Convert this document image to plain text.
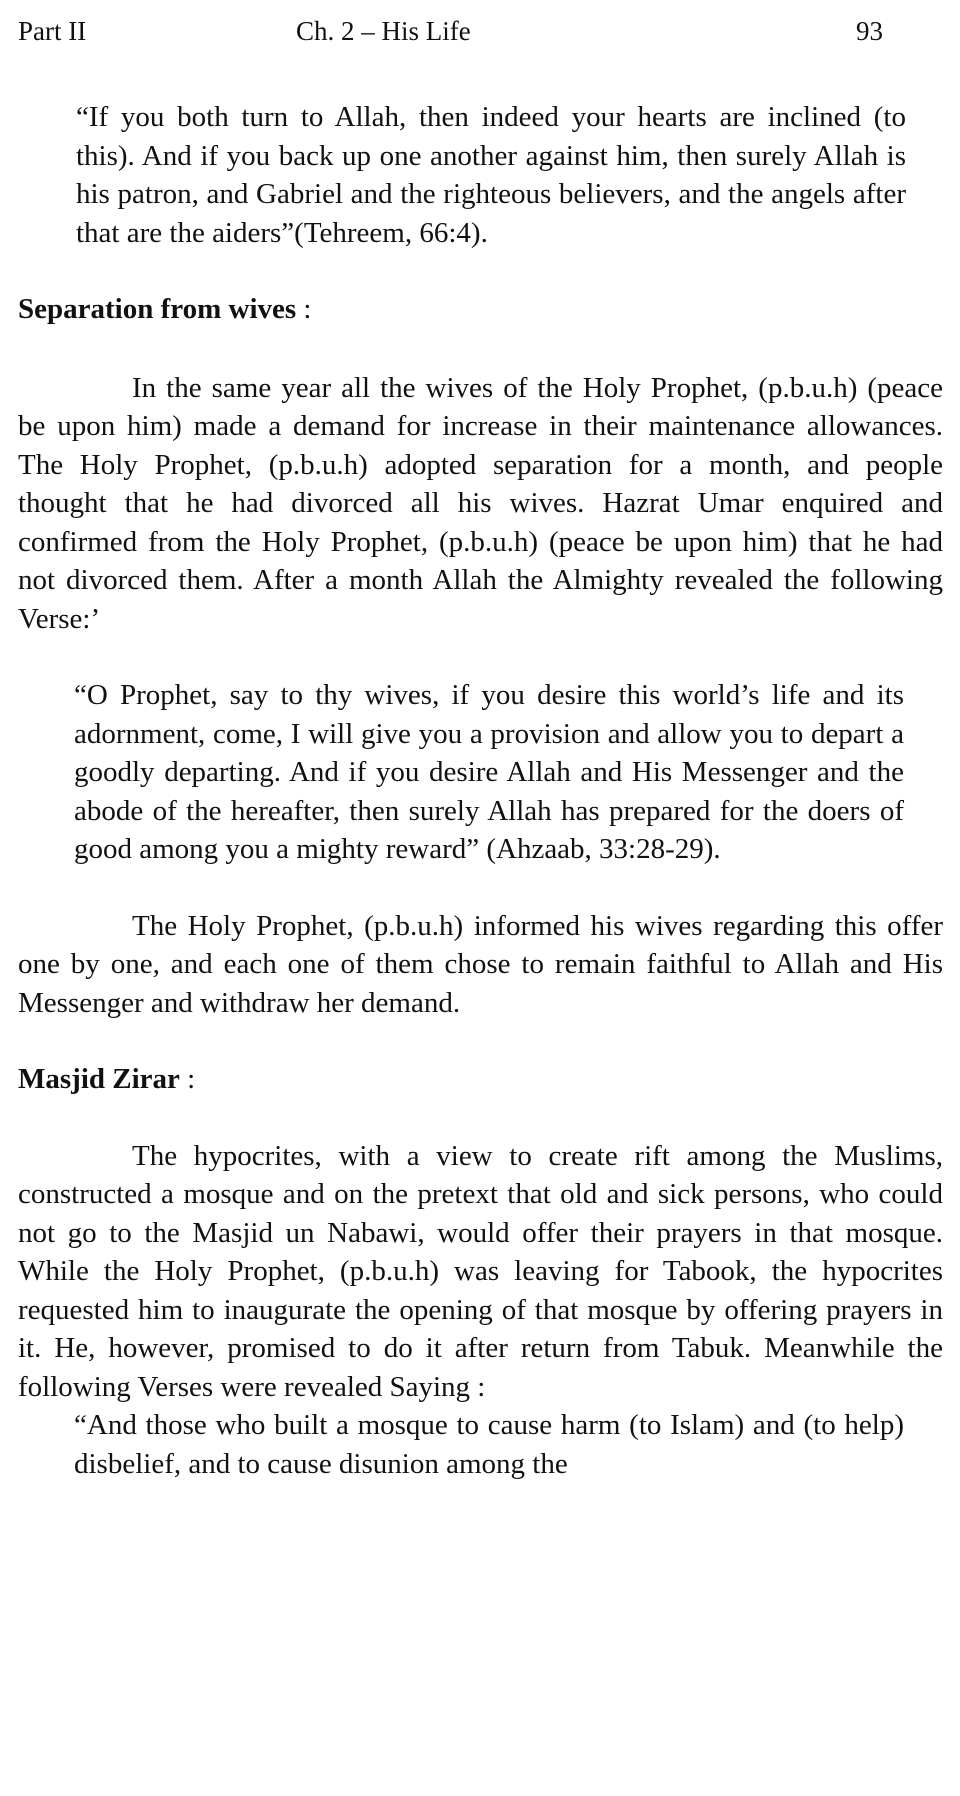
Part II	Ch. 2 – His Life	93

“If you both turn to Allah, then indeed your hearts are inclined (to this). And if you back up one another against him, then surely Allah is his patron, and Gabriel and the righteous believers, and the angels after that are the aiders”(Tehreem, 66:4).

Separation from wives :

In the same year all the wives of the Holy Prophet, (p.b.u.h) (peace be upon him) made a demand for increase in their maintenance allowances. The Holy Prophet, (p.b.u.h) adopted separation for a month, and people thought that he had divorced all his wives. Hazrat Umar enquired and confirmed from the Holy Prophet, (p.b.u.h) (peace be upon him) that he had not divorced them. After a month Allah the Almighty revealed the following Verse:’

“O Prophet, say to thy wives, if you desire this world’s life and its adornment, come, I will give you a provision and allow you to depart a goodly departing. And if you desire Allah and His Messenger and the abode of the hereafter, then surely Allah has prepared for the doers of good among you a mighty reward” (Ahzaab, 33:28-29).

The Holy Prophet, (p.b.u.h) informed his wives regarding this offer one by one, and each one of them chose to remain faithful to Allah and His Messenger and withdraw her demand.

Masjid Zirar :

The hypocrites, with a view to create rift among the Muslims, constructed a mosque and on the pretext that old and sick persons, who could not go to the Masjid un Nabawi, would offer their prayers in that mosque. While the Holy Prophet, (p.b.u.h) was leaving for Tabook, the hypocrites requested him to inaugurate the opening of that mosque by offering prayers in it. He, however, promised to do it after return from Tabuk. Meanwhile the following Verses were revealed Saying :

“And those who built a mosque to cause harm (to Islam) and (to help) disbelief, and to cause disunion among the
